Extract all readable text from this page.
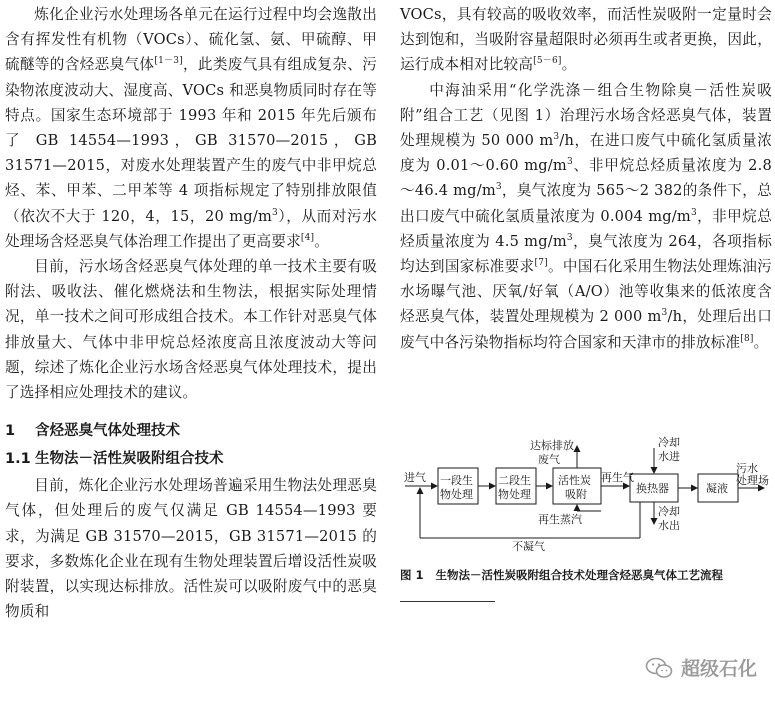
炼化企业污水处理场各单元在运行过程中均会逸散出含有挥发性有机物（VOCs）、硫化氢、氨、甲硫醇、甲硫醚等的含烃恶臭气体[1－3]，此类废气具有组成复杂、污染物浓度波动大、湿度高、VOCs 和恶臭物质同时存在等特点。国家生态环境部于 1993 年和 2015 年先后颁布了 GB 14554—1993，GB 31570—2015，GB 31571—2015，对废水处理装置产生的废气中非甲烷总烃、苯、甲苯、二甲苯等 4 项指标规定了特别排放限值（依次不大于 120，4，15，20 $mg/m^3$），从而对污水处理场含烃恶臭气体治理工作提出了更高要求[4]。

目前，污水场含烃恶臭气体处理的单一技术主要有吸附法、吸收法、催化燃烧法和生物法，根据实际处理情况，单一技术之间可形成组合技术。本工作针对恶臭气体排放量大、气体中非甲烷总烃浓度高且浓度波动大等问题，综述了炼化企业污水场含烃恶臭气体处理技术，提出了选择相应处理技术的建议。

1 含烃恶臭气体处理技术
1.1 生物法－活性炭吸附组合技术

目前，炼化企业污水处理场普遍采用生物法处理恶臭气体，但处理后的废气仅满足 GB 14554—1993 要求，为满足 GB 31570—2015，GB 31571—2015 的要求，多数炼化企业在现有生物处理装置后增设活性炭吸附装置，以实现达标排放。活性炭可以吸附废气中的恶臭物质和

VOCs，具有较高的吸收效率，而活性炭吸附一定量时会达到饱和，当吸附容量超限时必须再生或者更换，因此，运行成本相对比较高[5－6]。

中海油采用“化学洗涤－组合生物除臭－活性炭吸附”组合工艺（见图 1）治理污水场含烃恶臭气体，装置处理规模为 50 000 $m^3/h$，在进口废气中硫化氢质量浓度为 0.01～0.60 $mg/m^3$、非甲烷总烃质量浓度为 2.8～46.4 $mg/m^3$，臭气浓度为 565～2 382的条件下，总出口废气中硫化氢质量浓度为 0.004 $mg/m^3$，非甲烷总烃质量浓度为 4.5 $mg/m^3$，臭气浓度为 264，各项指标均达到国家标准要求[7]。中国石化采用生物法处理炼油污水场曝气池、厌氧/好氧（A/O）池等收集来的低浓度含烃恶臭气体，装置处理规模为 2 000 $m^3/h$，处理后出口废气中各污染物指标均符合国家和天津市的排放标准[8]。

进气 一段生
物处理
二段生
物处理
活性炭
吸附	换热器	凝液
达标排放
废气
再生气
再生蒸汽
冷却
水进
冷却
水出
不凝气
污水
处理场
图 1 生物法－活性炭吸附组合技术处理含烃恶臭气体工艺流程
超级石化
